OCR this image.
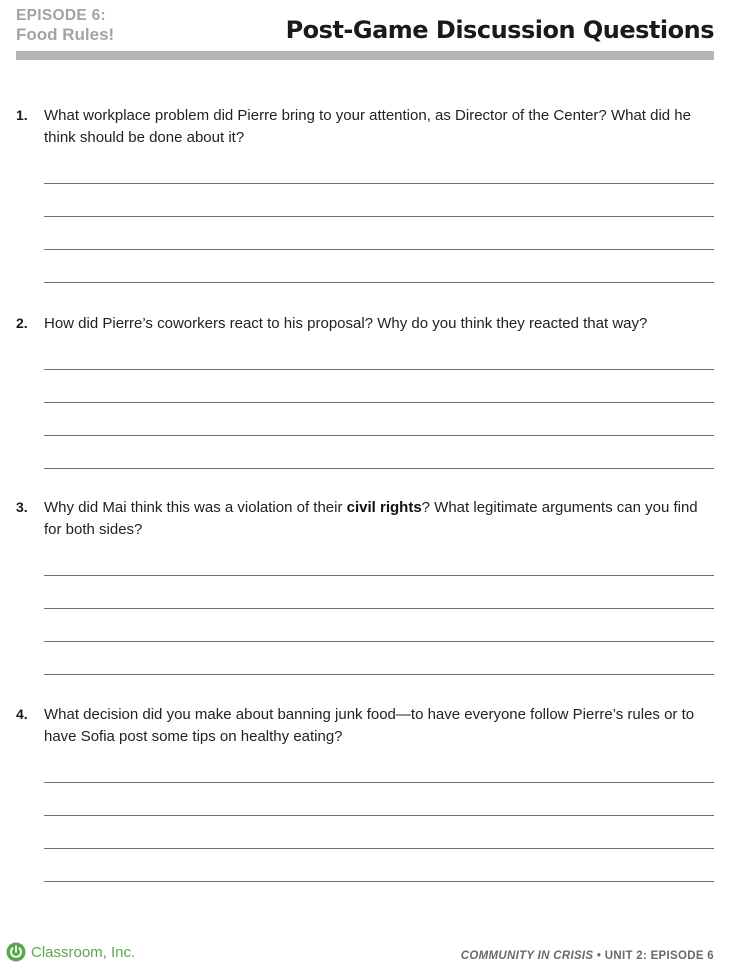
EPISODE 6:
Food Rules!	Post-Game Discussion Questions
1. What workplace problem did Pierre bring to your attention, as Director of the Center? What did he think should be done about it?
2. How did Pierre’s coworkers react to his proposal? Why do you think they reacted that way?
3. Why did Mai think this was a violation of their civil rights? What legitimate arguments can you find for both sides?
4. What decision did you make about banning junk food—to have everyone follow Pierre’s rules or to have Sofia post some tips on healthy eating?
Classroom, Inc.	COMMUNITY IN CRISIS • UNIT 2: EPISODE 6
